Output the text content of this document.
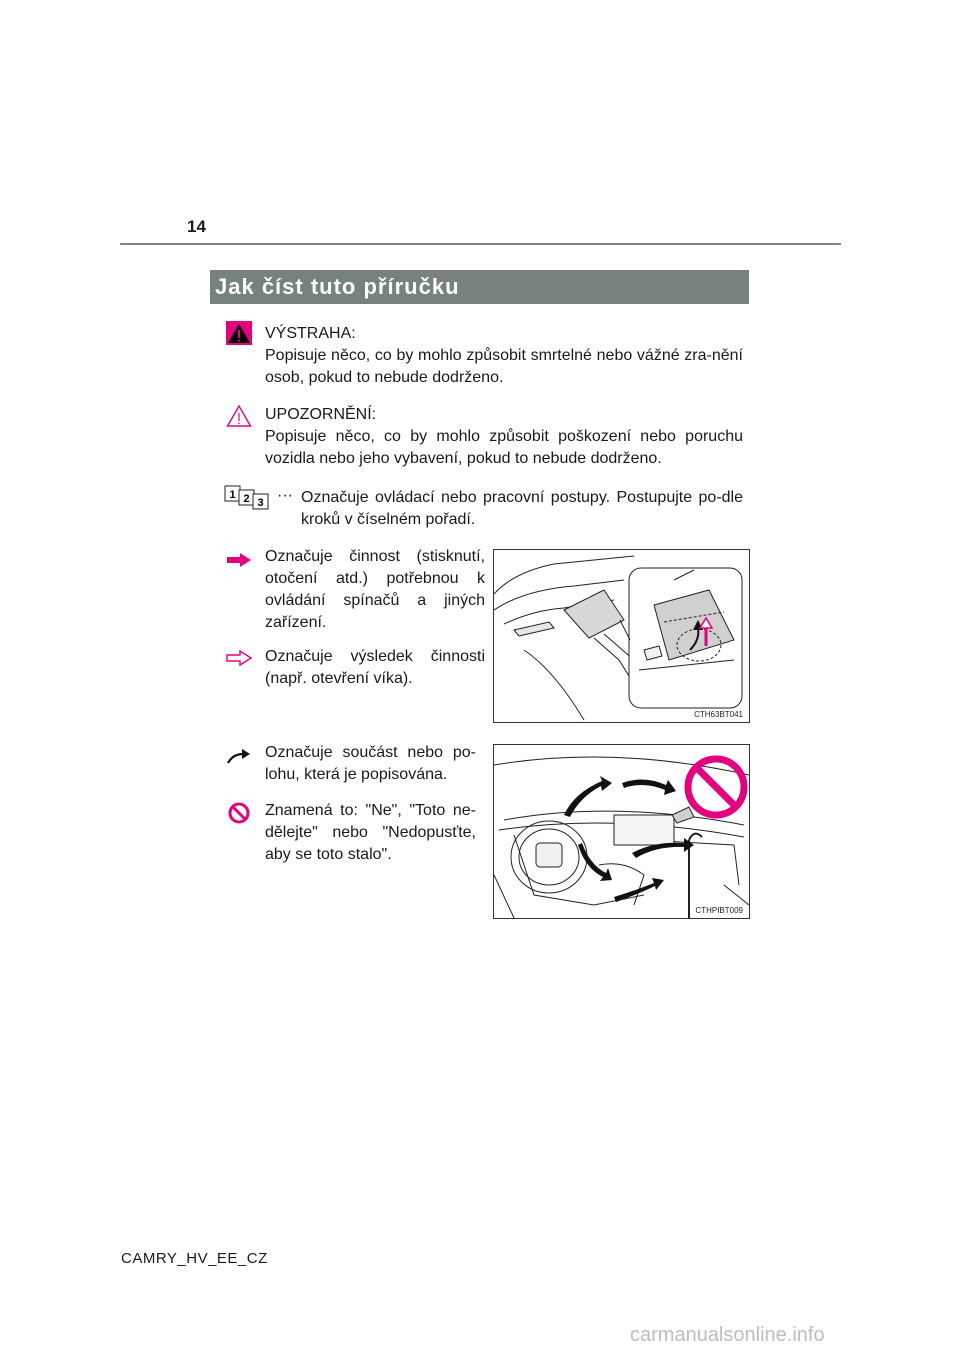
14
Jak číst tuto příručku
VÝSTRAHA:
Popisuje něco, co by mohlo způsobit smrtelné nebo vážné zra-nění osob, pokud to nebude dodrženo.
UPOZORNĚNÍ:
Popisuje něco, co by mohlo způsobit poškození nebo poruchu vozidla nebo jeho vybavení, pokud to nebude dodrženo.
1 2 3 ··· Označuje ovládací nebo pracovní postupy. Postupujte po-dle kroků v číselném pořadí.
Označuje činnost (stisknutí, otočení atd.) potřebnou k ovládání spínačů a jiných zařízení.
Označuje výsledek činnosti (např. otevření víka).
CTH63BT041
Označuje součást nebo po-lohu, která je popisována.
Znamená to: "Ne", "Toto ne-dělejte" nebo "Nedopusťte, aby se toto stalo".
CTHPIBT009
CAMRY_HV_EE_CZ
carmanualsonline.info
